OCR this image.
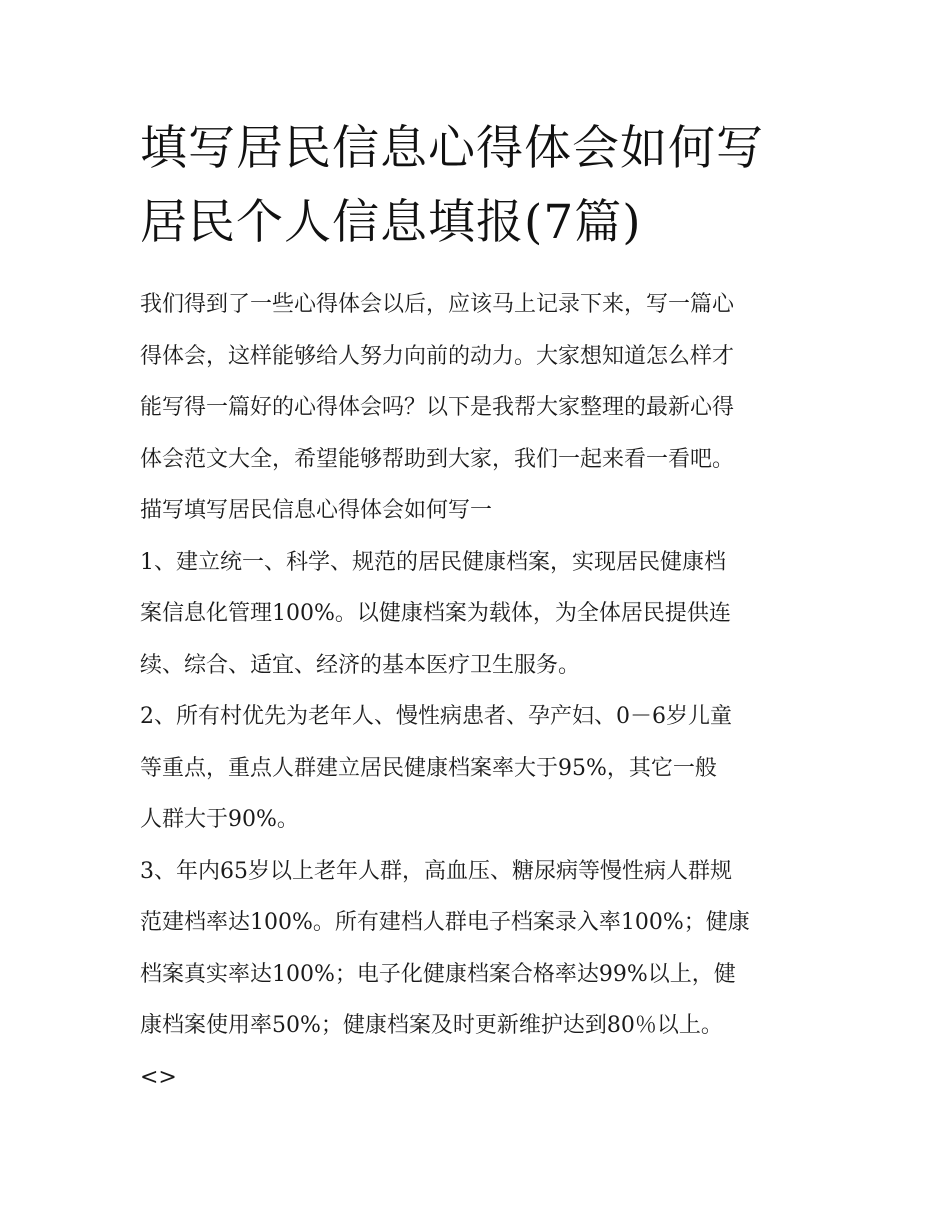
填写居民信息心得体会如何写
居民个人信息填报(7篇)

我们得到了一些心得体会以后，应该马上记录下来，写一篇心
得体会，这样能够给人努力向前的动力。大家想知道怎么样才
能写得一篇好的心得体会吗？以下是我帮大家整理的最新心得
体会范文大全，希望能够帮助到大家，我们一起来看一看吧。

描写填写居民信息心得体会如何写一

1、建立统一、科学、规范的居民健康档案，实现居民健康档
案信息化管理100%。以健康档案为载体，为全体居民提供连
续、综合、适宜、经济的基本医疗卫生服务。

2、所有村优先为老年人、慢性病患者、孕产妇、0－6岁儿童
等重点，重点人群建立居民健康档案率大于95%，其它一般
人群大于90%。

3、年内65岁以上老年人群，高血压、糖尿病等慢性病人群规
范建档率达100%。所有建档人群电子档案录入率100%；健康
档案真实率达100%；电子化健康档案合格率达99%以上，健
康档案使用率50%；健康档案及时更新维护达到80％以上。

<>
